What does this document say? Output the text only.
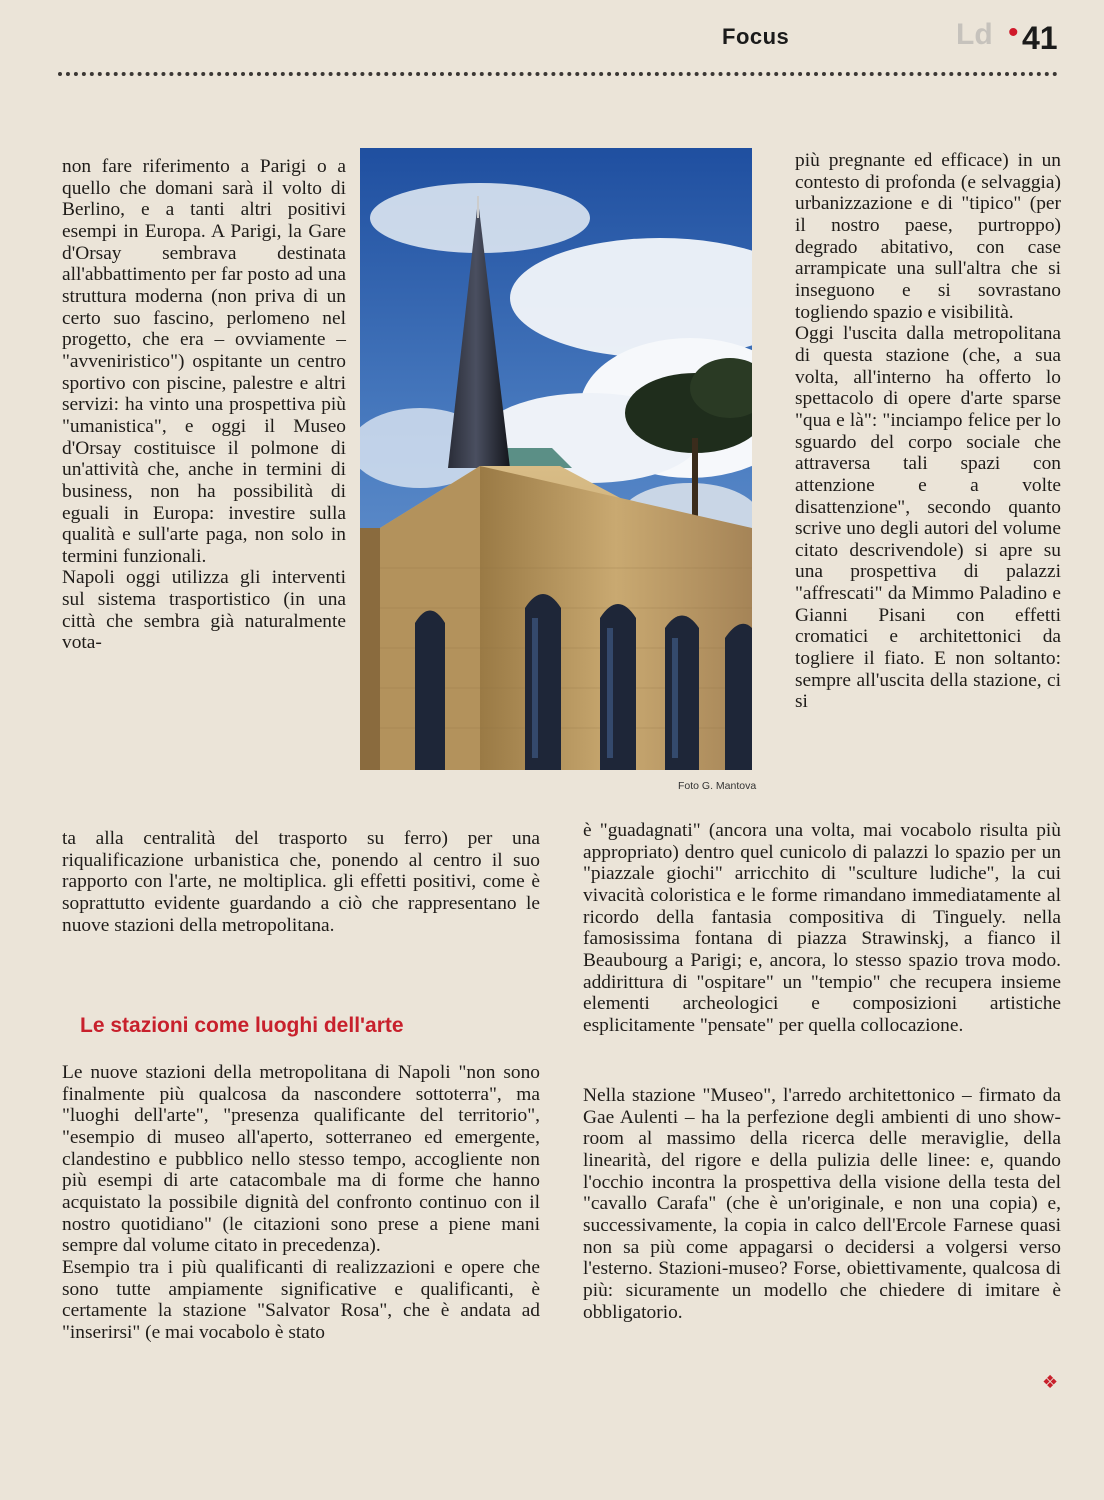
Focus	Ld • 41
Foto G. Mantova

non fare riferimento a Parigi o a quello che domani sarà il volto di Berlino, e a tanti altri positivi esempi in Europa. A Parigi, la Gare d'Orsay sembrava destinata all'abbattimento per far posto ad una struttura moderna (non priva di un certo suo fascino, perlomeno nel progetto, che era – ovviamente – "avveniristico") ospitante un centro sportivo con piscine, palestre e altri servizi: ha vinto una prospettiva più "umanistica", e oggi il Museo d'Orsay costituisce il polmone di un'attività che, anche in termini di business, non ha possibilità di eguali in Europa: investire sulla qualità e sull'arte paga, non solo in termini funzionali.

Napoli oggi utilizza gli interventi sul sistema trasportistico (in una città che sembra già naturalmente vota-

ta alla centralità del trasporto su ferro) per una riqualificazione urbanistica che, ponendo al centro il suo rapporto con l'arte, ne moltiplica. gli effetti positivi, come è soprattutto evidente guardando a ciò che rappresentano le nuove stazioni della metropolitana.
Le stazioni come luoghi dell'arte

Le nuove stazioni della metropolitana di Napoli "non sono finalmente più qualcosa da nascondere sottoterra", ma "luoghi dell'arte", "presenza qualificante del territorio", "esempio di museo all'aperto, sotterraneo ed emergente, clandestino e pubblico nello stesso tempo, accogliente non più esempi di arte catacombale ma di forme che hanno acquistato la possibile dignità del confronto continuo con il nostro quotidiano" (le citazioni sono prese a piene mani sempre dal volume citato in precedenza).

Esempio tra i più qualificanti di realizzazioni e opere che sono tutte ampiamente significative e qualificanti, è certamente la stazione "Salvator Rosa", che è andata ad "inserirsi" (e mai vocabolo è stato

più pregnante ed efficace) in un contesto di profonda (e selvaggia) urbanizzazione e di "tipico" (per il nostro paese, purtroppo) degrado abitativo, con case arrampicate una sull'altra che si inseguono e si sovrastano togliendo spazio e visibilità.

Oggi l'uscita dalla metropolitana di questa stazione (che, a sua volta, all'interno ha offerto lo spettacolo di opere d'arte sparse "qua e là": "inciampo felice per lo sguardo del corpo sociale che attraversa tali spazi con attenzione e a volte disattenzione", secondo quanto scrive uno degli autori del volume citato descrivendole) si apre su una prospettiva di palazzi "affrescati" da Mimmo Paladino e Gianni Pisani con effetti cromatici e architettonici da togliere il fiato. E non soltanto: sempre all'uscita della stazione, ci si

è "guadagnati" (ancora una volta, mai vocabolo risulta più appropriato) dentro quel cunicolo di palazzi lo spazio per un "piazzale giochi" arricchito di "sculture ludiche", la cui vivacità coloristica e le forme rimandano immediatamente al ricordo della fantasia compositiva di Tinguely. nella famosissima fontana di piazza Strawinskj, a fianco il Beaubourg a Parigi; e, ancora, lo stesso spazio trova modo. addirittura di "ospitare" un "tempio" che recupera insieme elementi archeologici e composizioni artistiche esplicitamente "pensate" per quella collocazione.
Nella stazione "Museo", l'arredo architettonico – firmato da Gae Aulenti – ha la perfezione degli ambienti di uno show-room al massimo della ricerca delle meraviglie, della linearità, del rigore e della pulizia delle linee: e, quando l'occhio incontra la prospettiva della visione della testa del "cavallo Carafa" (che è un'originale, e non una copia) e, successivamente, la copia in calco dell'Ercole Farnese quasi non sa più come appagarsi o decidersi a volgersi verso l'esterno. Stazioni-museo? Forse, obiettivamente, qualcosa di più: sicuramente un modello che chiedere di imitare è obbligatorio.
❖
